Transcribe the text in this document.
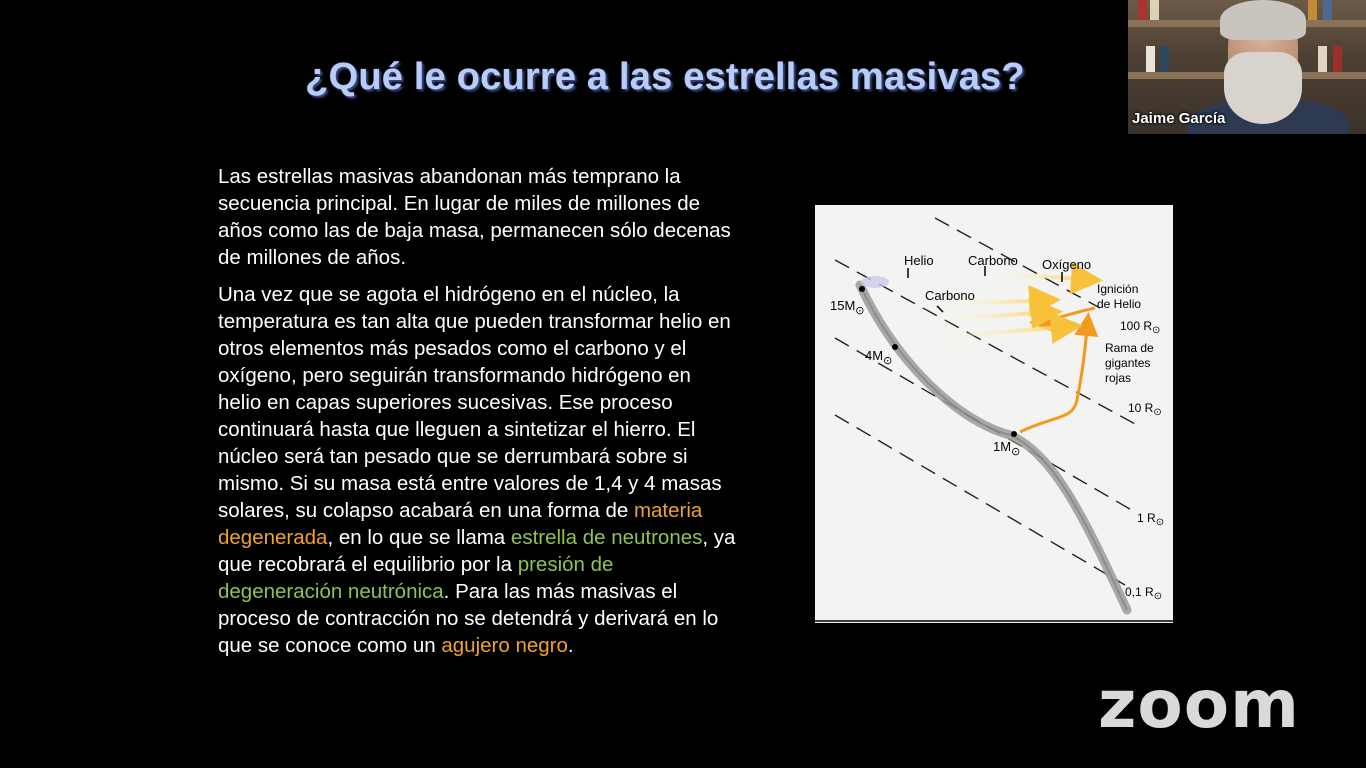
¿Qué le ocurre a las estrellas masivas?

Las estrellas masivas abandonan más temprano la secuencia principal. En lugar de miles de millones de años como las de baja masa, permanecen sólo decenas de millones de años.

Una vez que se agota el hidrógeno en el núcleo, la temperatura es tan alta que pueden transformar helio en otros elementos más pesados como el carbono y el oxígeno, pero seguirán transformando hidrógeno en helio en capas superiores sucesivas. Ese proceso continuará hasta que lleguen a sintetizar el hierro. El núcleo será tan pesado que se derrumbará sobre si mismo. Si su masa está entre valores de 1,4 y 4 masas solares, su colapso acabará en una forma de materia degenerada, en lo que se llama estrella de neutrones, ya que recobrará el equilibrio por la presión de degeneración neutrónica. Para las más masivas el proceso de contracción no se detendrá y derivará en lo que se conoce como un agujero negro.

10000
100
1
0,01
0,0001
30000	10000	6000	3000
Temperatura superficial (K)
Luminosidad (Sol=1)
$15M_⊙$
$4M_⊙$
$1M_⊙$
Helio	Carbono Oxígeno
Carbono	Ignición
de Helio
Rama de
gigantes
rojas
100 $R_⊙$
10 $R_⊙$
1 $R_⊙$
0,1 $R_⊙$
Jaime García
zoom
